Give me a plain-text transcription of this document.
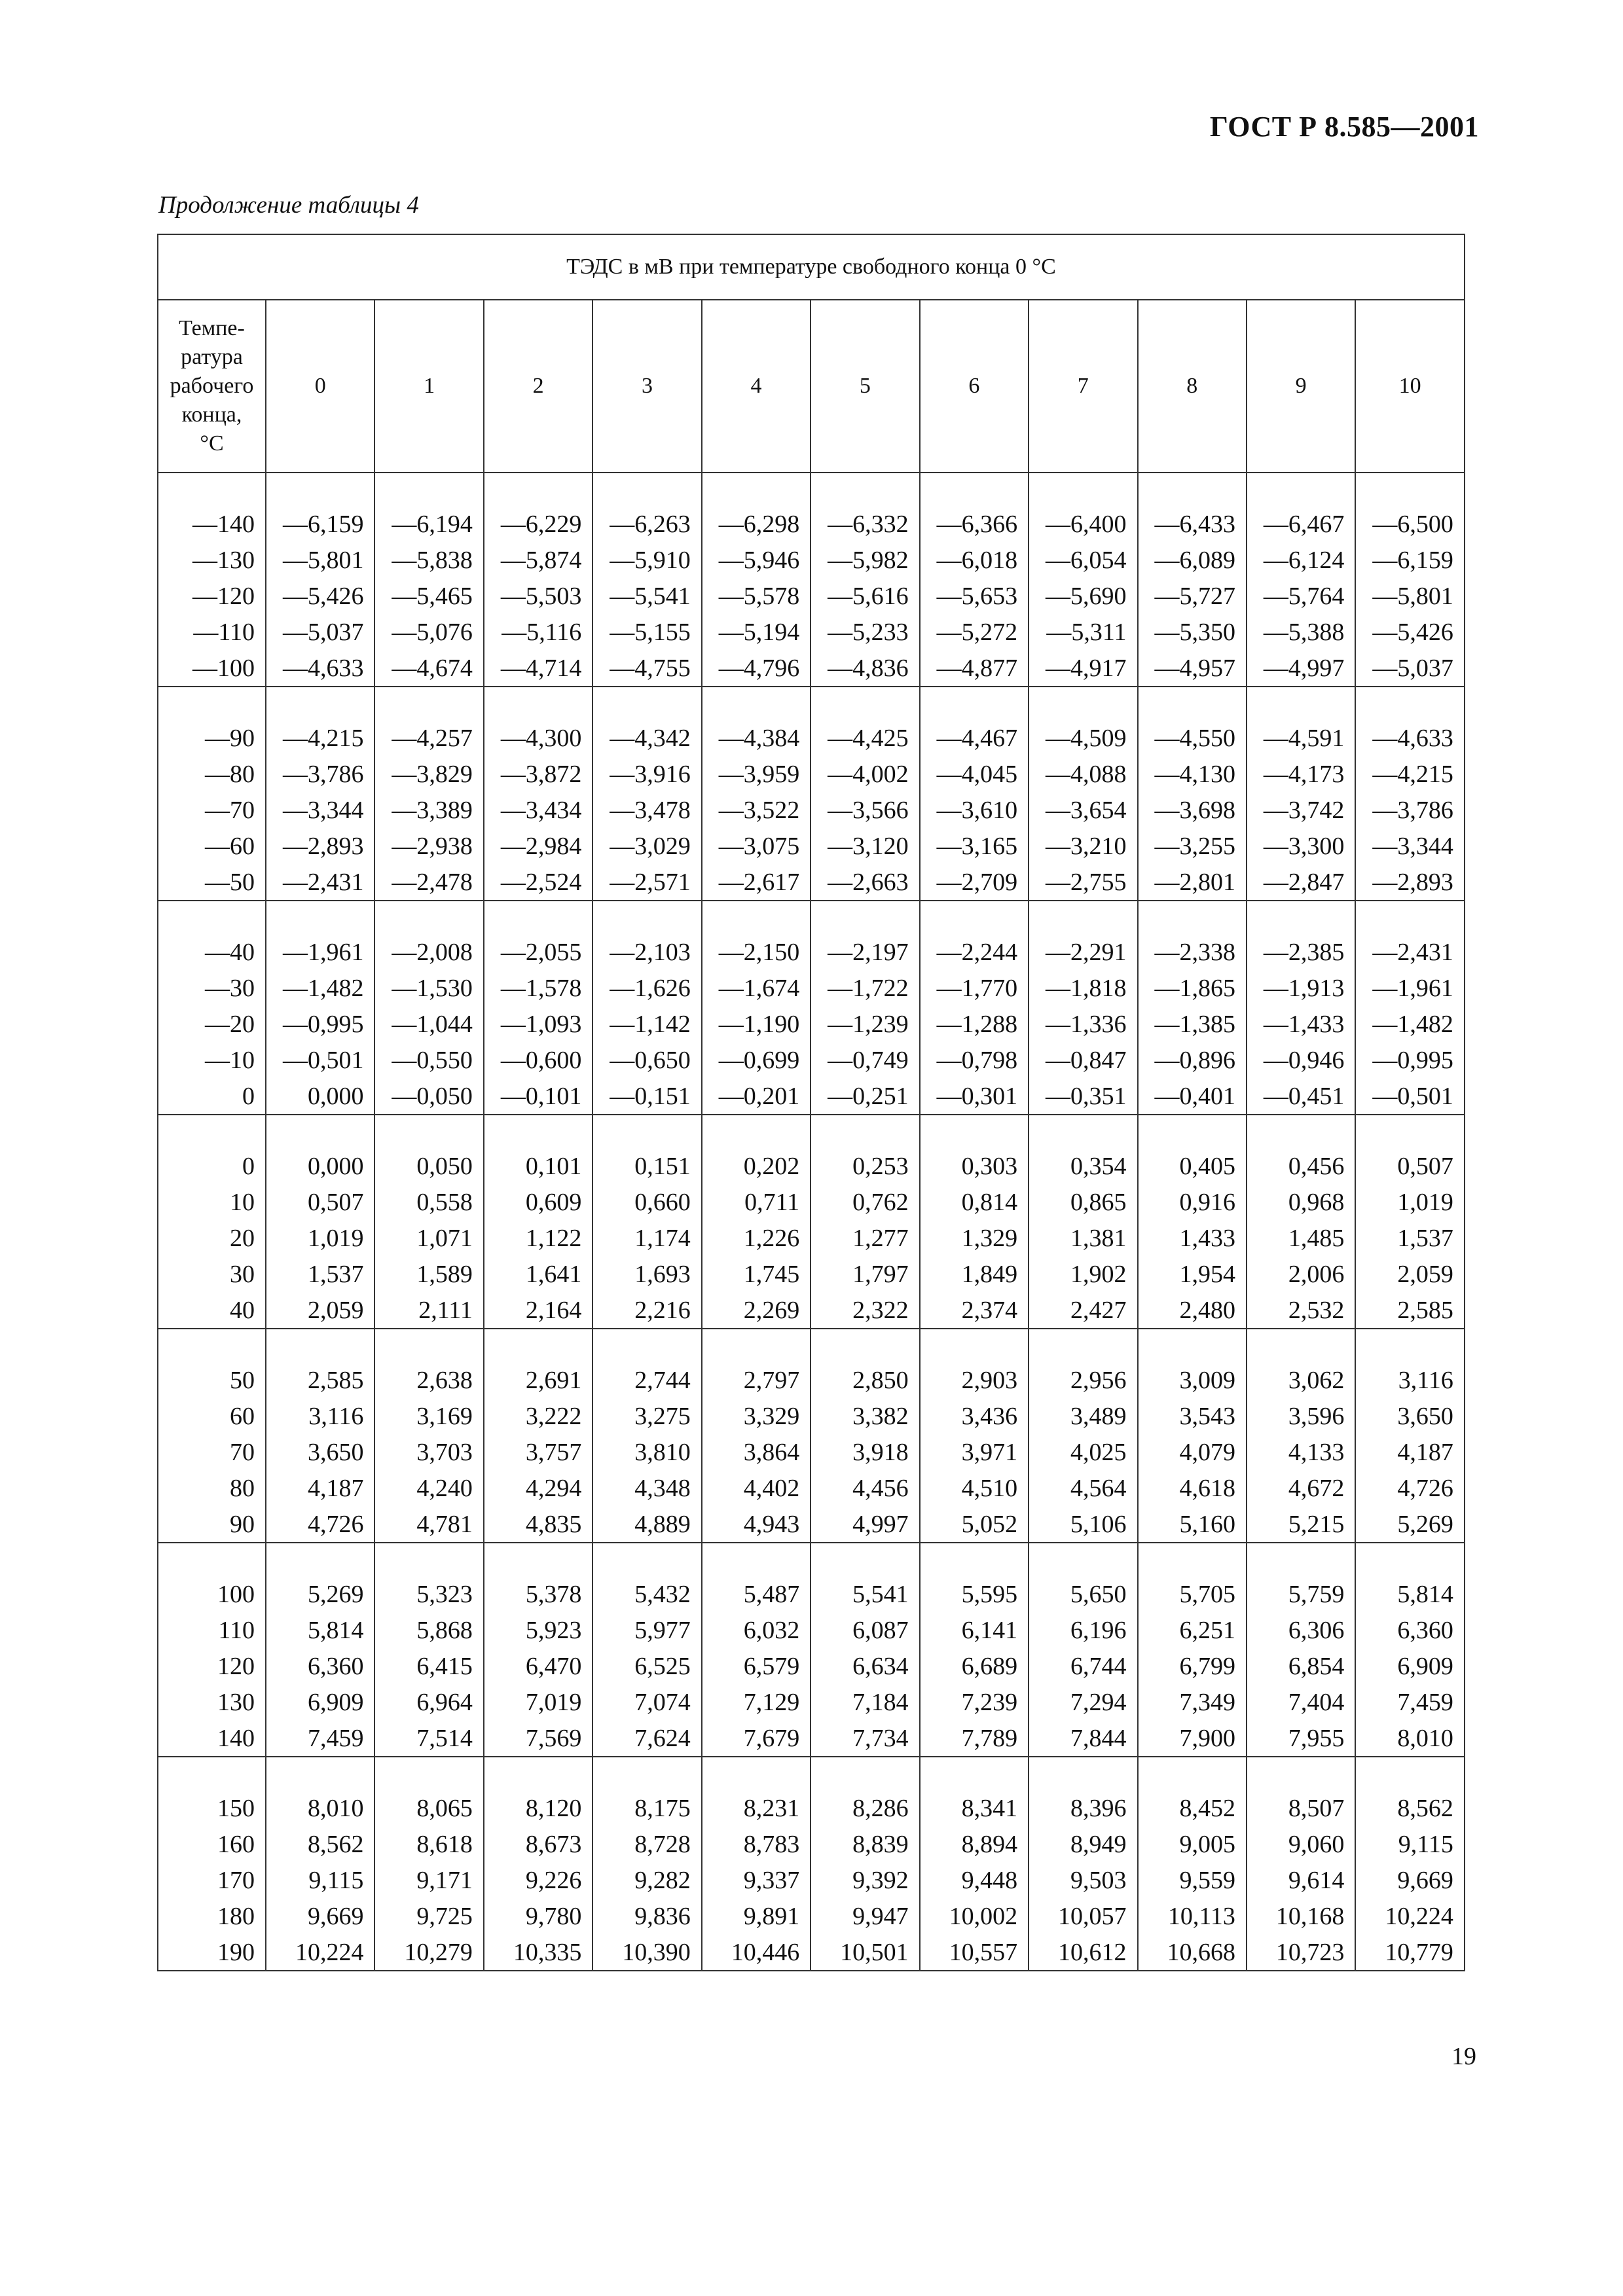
ГОСТ Р 8.585—2001
Продолжение таблицы 4
ТЭДС в мВ при температуре свободного конца 0 °С											

Темпе-
ратура
рабочего
конца,
°С	0	1	2	3	4	5	6	7	8	9	10

—140	—6,159	—6,194	—6,229	—6,263	—6,298	—6,332	—6,366	—6,400	—6,433	—6,467	—6,500
—130	—5,801	—5,838	—5,874	—5,910	—5,946	—5,982	—6,018	—6,054	—6,089	—6,124	—6,159
—120	—5,426	—5,465	—5,503	—5,541	—5,578	—5,616	—5,653	—5,690	—5,727	—5,764	—5,801
—110	—5,037	—5,076	—5,116	—5,155	—5,194	—5,233	—5,272	—5,311	—5,350	—5,388	—5,426
—100	—4,633	—4,674	—4,714	—4,755	—4,796	—4,836	—4,877	—4,917	—4,957	—4,997	—5,037

—90	—4,215	—4,257	—4,300	—4,342	—4,384	—4,425	—4,467	—4,509	—4,550	—4,591	—4,633
—80	—3,786	—3,829	—3,872	—3,916	—3,959	—4,002	—4,045	—4,088	—4,130	—4,173	—4,215
—70	—3,344	—3,389	—3,434	—3,478	—3,522	—3,566	—3,610	—3,654	—3,698	—3,742	—3,786
—60	—2,893	—2,938	—2,984	—3,029	—3,075	—3,120	—3,165	—3,210	—3,255	—3,300	—3,344
—50	—2,431	—2,478	—2,524	—2,571	—2,617	—2,663	—2,709	—2,755	—2,801	—2,847	—2,893

—40	—1,961	—2,008	—2,055	—2,103	—2,150	—2,197	—2,244	—2,291	—2,338	—2,385	—2,431
—30	—1,482	—1,530	—1,578	—1,626	—1,674	—1,722	—1,770	—1,818	—1,865	—1,913	—1,961
—20	—0,995	—1,044	—1,093	—1,142	—1,190	—1,239	—1,288	—1,336	—1,385	—1,433	—1,482
—10	—0,501	—0,550	—0,600	—0,650	—0,699	—0,749	—0,798	—0,847	—0,896	—0,946	—0,995
0	0,000	—0,050	—0,101	—0,151	—0,201	—0,251	—0,301	—0,351	—0,401	—0,451	—0,501

0	0,000	0,050	0,101	0,151	0,202	0,253	0,303	0,354	0,405	0,456	0,507
10	0,507	0,558	0,609	0,660	0,711	0,762	0,814	0,865	0,916	0,968	1,019
20	1,019	1,071	1,122	1,174	1,226	1,277	1,329	1,381	1,433	1,485	1,537
30	1,537	1,589	1,641	1,693	1,745	1,797	1,849	1,902	1,954	2,006	2,059
40	2,059	2,111	2,164	2,216	2,269	2,322	2,374	2,427	2,480	2,532	2,585

50	2,585	2,638	2,691	2,744	2,797	2,850	2,903	2,956	3,009	3,062	3,116
60	3,116	3,169	3,222	3,275	3,329	3,382	3,436	3,489	3,543	3,596	3,650
70	3,650	3,703	3,757	3,810	3,864	3,918	3,971	4,025	4,079	4,133	4,187
80	4,187	4,240	4,294	4,348	4,402	4,456	4,510	4,564	4,618	4,672	4,726
90	4,726	4,781	4,835	4,889	4,943	4,997	5,052	5,106	5,160	5,215	5,269

100	5,269	5,323	5,378	5,432	5,487	5,541	5,595	5,650	5,705	5,759	5,814
110	5,814	5,868	5,923	5,977	6,032	6,087	6,141	6,196	6,251	6,306	6,360
120	6,360	6,415	6,470	6,525	6,579	6,634	6,689	6,744	6,799	6,854	6,909
130	6,909	6,964	7,019	7,074	7,129	7,184	7,239	7,294	7,349	7,404	7,459
140	7,459	7,514	7,569	7,624	7,679	7,734	7,789	7,844	7,900	7,955	8,010

150	8,010	8,065	8,120	8,175	8,231	8,286	8,341	8,396	8,452	8,507	8,562
160	8,562	8,618	8,673	8,728	8,783	8,839	8,894	8,949	9,005	9,060	9,115
170	9,115	9,171	9,226	9,282	9,337	9,392	9,448	9,503	9,559	9,614	9,669
180	9,669	9,725	9,780	9,836	9,891	9,947	10,002	10,057	10,113	10,168	10,224
190	10,224	10,279	10,335	10,390	10,446	10,501	10,557	10,612	10,668	10,723	10,779
19
